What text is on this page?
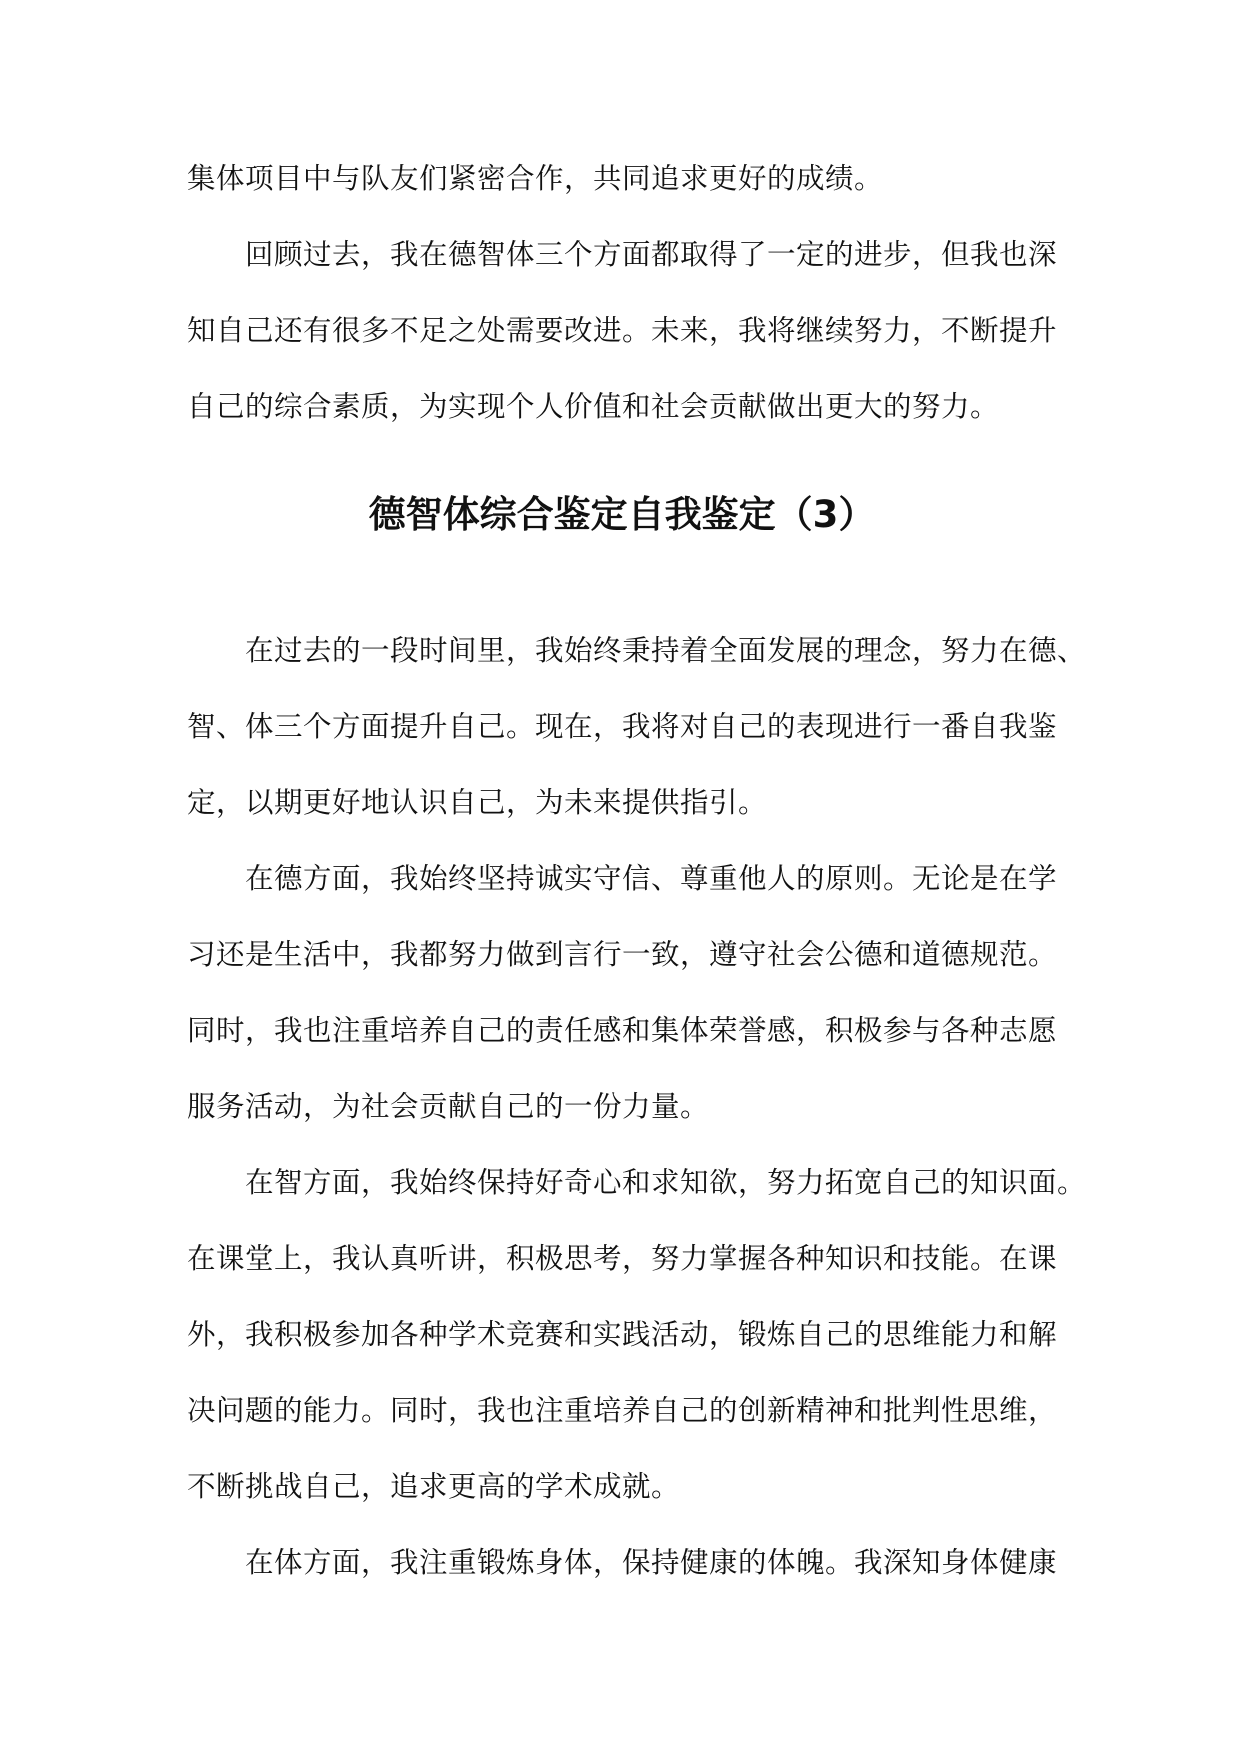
集体项目中与队友们紧密合作，共同追求更好的成绩。
回顾过去，我在德智体三个方面都取得了一定的进步，但我也深
知自己还有很多不足之处需要改进。未来，我将继续努力，不断提升
自己的综合素质，为实现个人价值和社会贡献做出更大的努力。
德智体综合鉴定自我鉴定（3）
在过去的一段时间里，我始终秉持着全面发展的理念，努力在德、
智、体三个方面提升自己。现在，我将对自己的表现进行一番自我鉴
定，以期更好地认识自己，为未来提供指引。
在德方面，我始终坚持诚实守信、尊重他人的原则。无论是在学
习还是生活中，我都努力做到言行一致，遵守社会公德和道德规范。
同时，我也注重培养自己的责任感和集体荣誉感，积极参与各种志愿
服务活动，为社会贡献自己的一份力量。
在智方面，我始终保持好奇心和求知欲，努力拓宽自己的知识面。
在课堂上，我认真听讲，积极思考，努力掌握各种知识和技能。在课
外，我积极参加各种学术竞赛和实践活动，锻炼自己的思维能力和解
决问题的能力。同时，我也注重培养自己的创新精神和批判性思维，
不断挑战自己，追求更高的学术成就。
在体方面，我注重锻炼身体，保持健康的体魄。我深知身体健康
